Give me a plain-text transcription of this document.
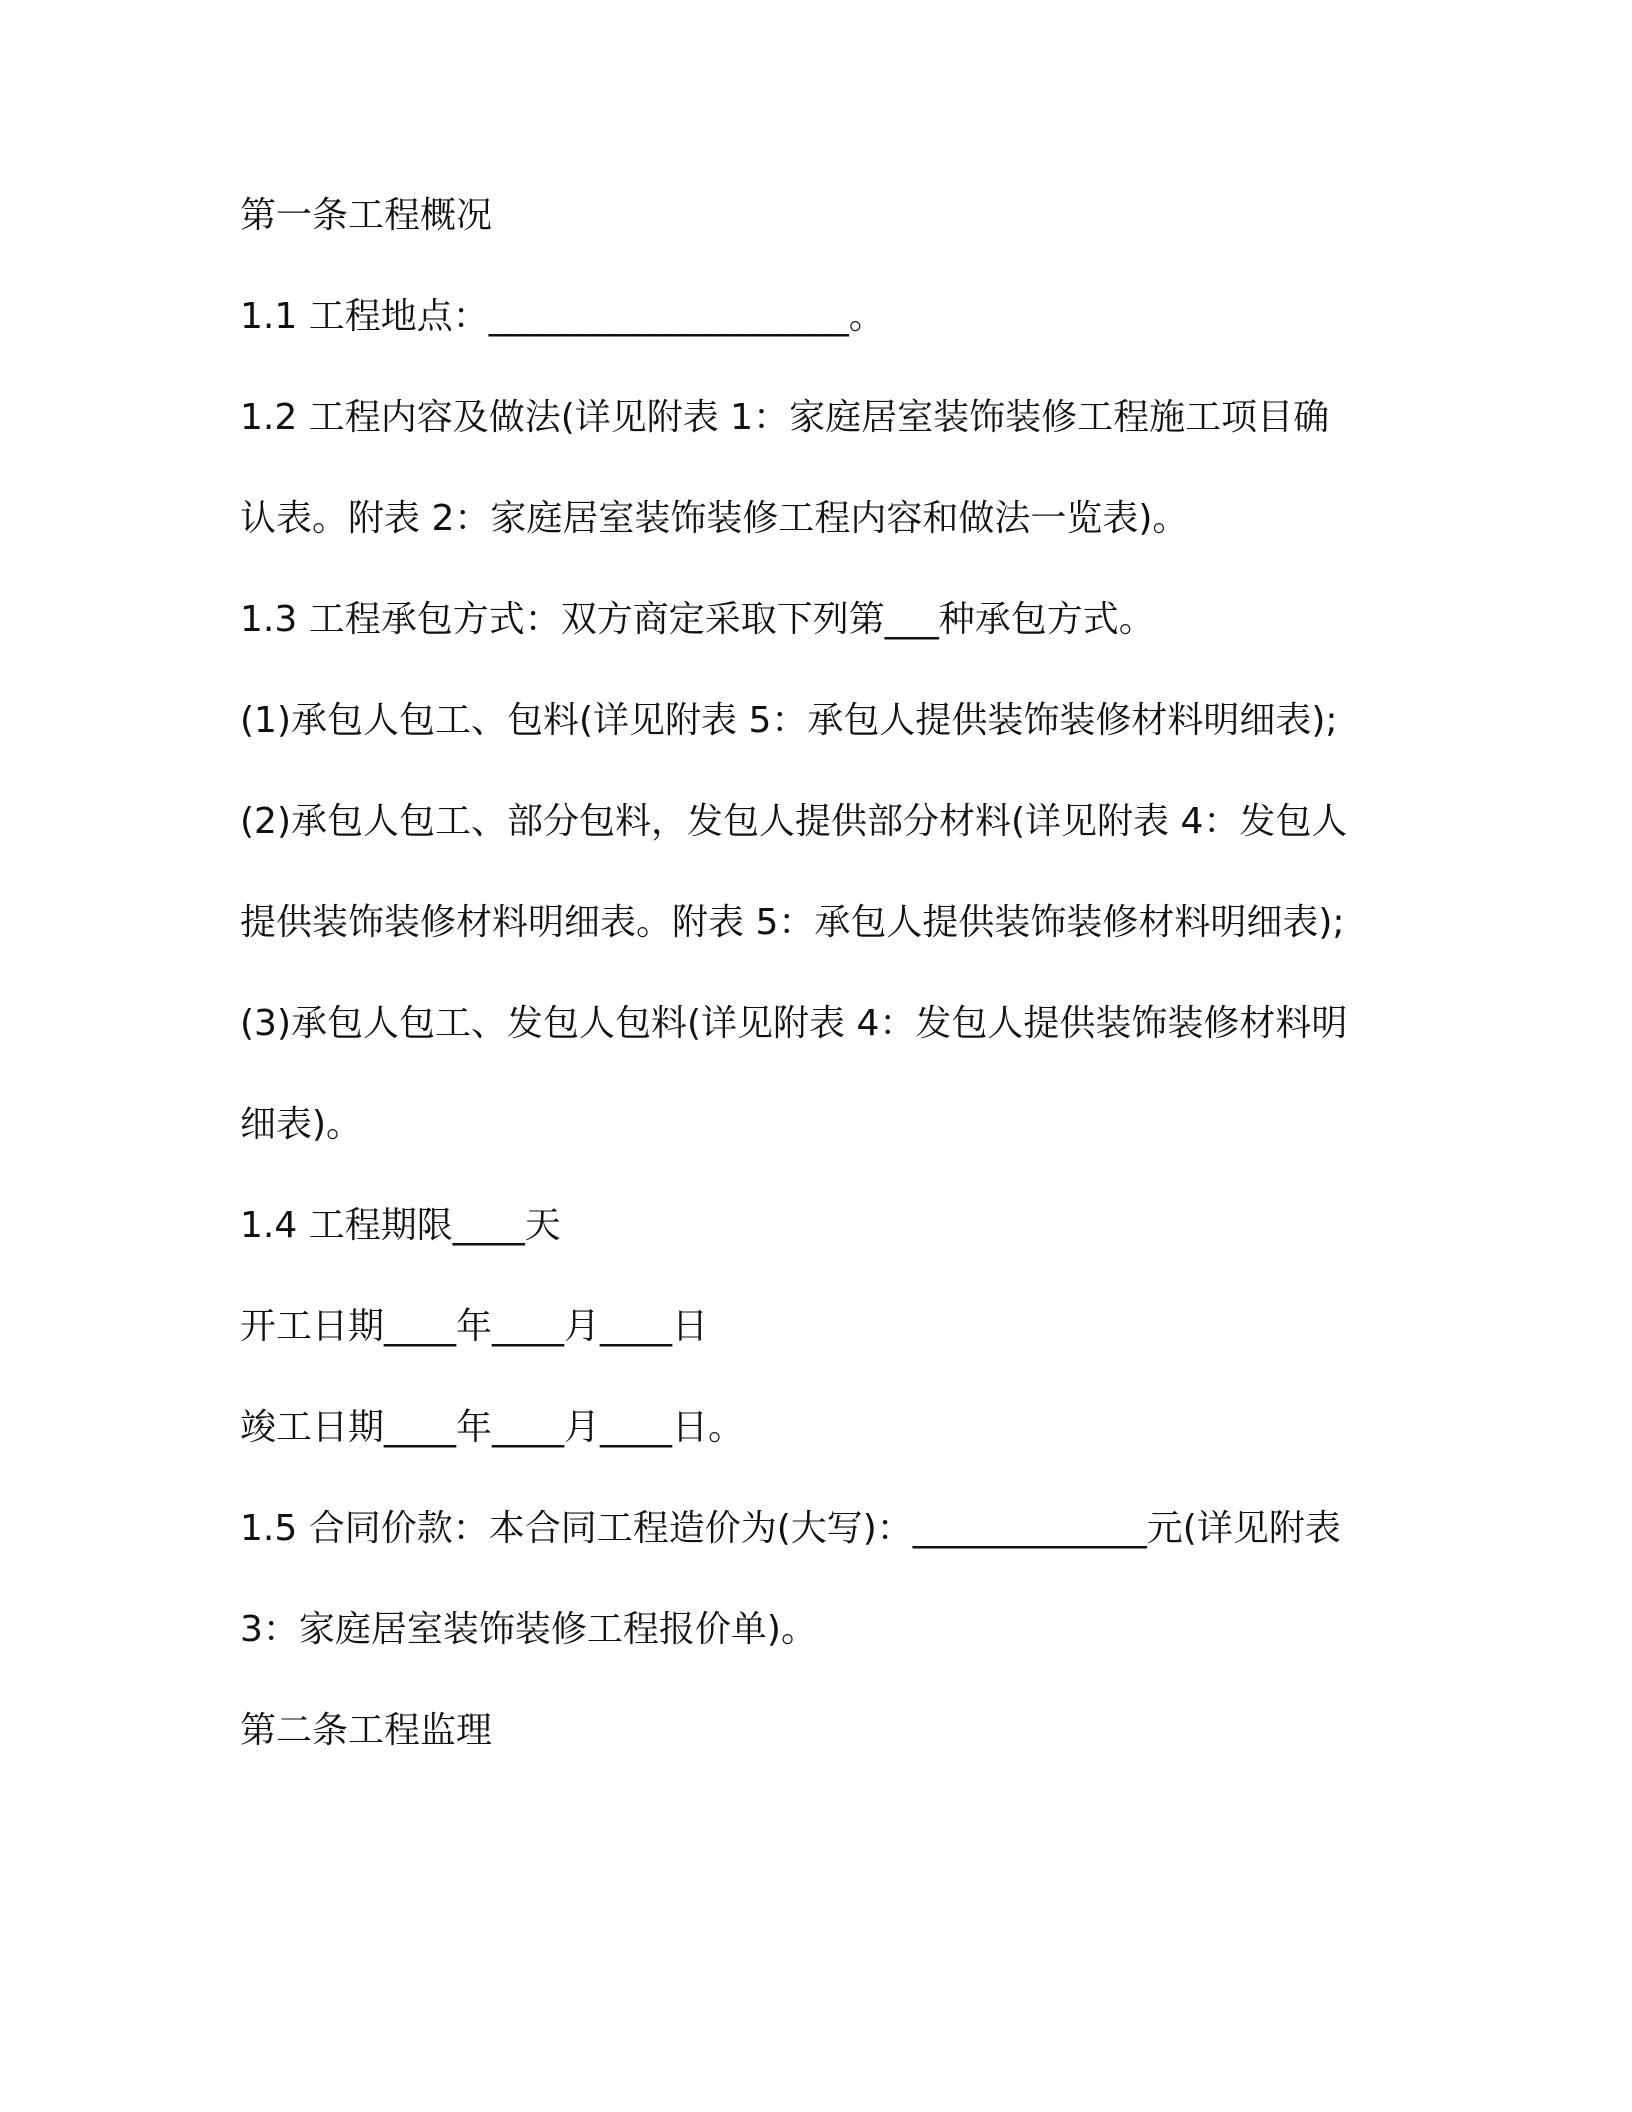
第一条工程概况
1.1 工程地点：____________________。
1.2 工程内容及做法(详见附表 1：家庭居室装饰装修工程施工项目确
认表。附表 2：家庭居室装饰装修工程内容和做法一览表)。
1.3 工程承包方式：双方商定采取下列第___种承包方式。
(1)承包人包工、包料(详见附表 5：承包人提供装饰装修材料明细表);
(2)承包人包工、部分包料，发包人提供部分材料(详见附表 4：发包人
提供装饰装修材料明细表。附表 5：承包人提供装饰装修材料明细表);
(3)承包人包工、发包人包料(详见附表 4：发包人提供装饰装修材料明
细表)。
1.4 工程期限____天
开工日期____年____月____日
竣工日期____年____月____日。
1.5 合同价款：本合同工程造价为(大写)：_____________元(详见附表
3：家庭居室装饰装修工程报价单)。
第二条工程监理
